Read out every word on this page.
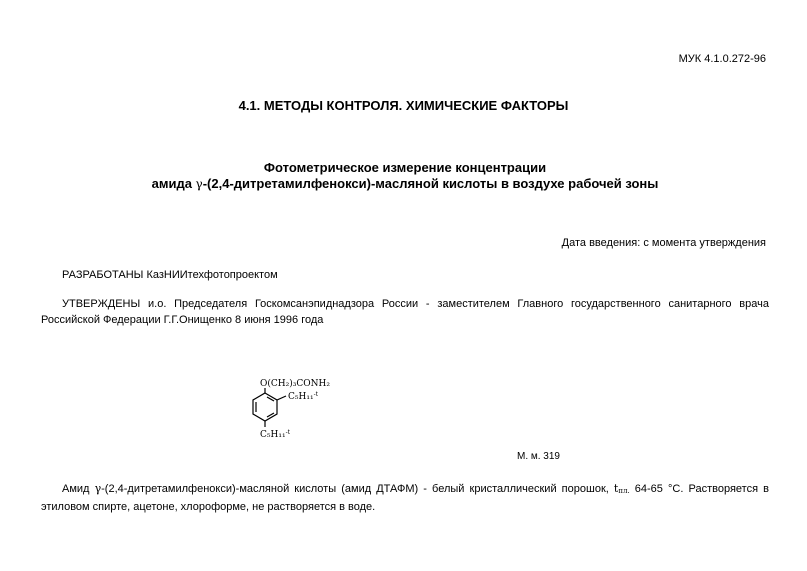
МУК 4.1.0.272-96
4.1. МЕТОДЫ КОНТРОЛЯ. ХИМИЧЕСКИЕ ФАКТОРЫ
Фотометрическое измерение концентрации
амида γ-(2,4-дитретамилфенокси)-масляной кислоты в воздухе рабочей зоны
Дата введения: с момента утверждения
РАЗРАБОТАНЫ КазНИИтехфотопроектом
УТВЕРЖДЕНЫ и.о. Председателя Госкомсанэпиднадзора России - заместителем Главного государственного санитарного врача Российской Федерации Г.Г.Онищенко 8 июня 1996 года
O(CH₂)₃CONH₂
C₅H₁₁$^{-t}$
C₅H₁₁$^{-t}$
М. м. 319
Амид γ-(2,4-дитретамилфенокси)-масляной кислоты (амид ДТАФМ) - белый кристаллический порошок, $t_{пл.}$ 64-65 °С. Растворяется в этиловом спирте, ацетоне, хлороформе, не растворяется в воде.
